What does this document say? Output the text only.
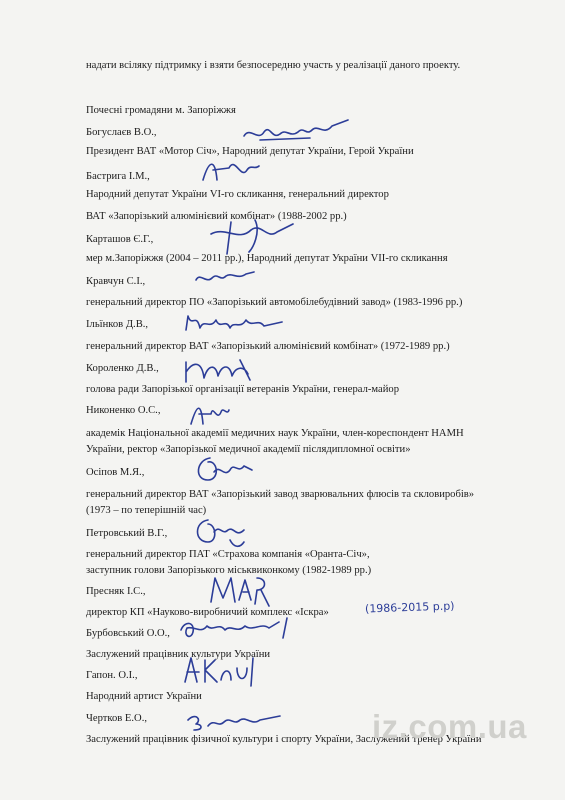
надати всіляку підтримку і взяти безпосередню участь у реалізації даного проекту.
Почесні громадяни м. Запоріжжя
Богуслаєв В.О.,
Президент ВАТ «Мотор Січ», Народний депутат України, Герой України
Бастрига І.М.,
Народний депутат України VI-го скликання, генеральний директор
ВАТ «Запорізький алюмінієвий комбінат» (1988-2002 рр.)
Карташов Є.Г.,
мер м.Запоріжжя (2004 – 2011 рр.), Народний депутат України VII-го скликання
Кравчун С.І.,
генеральний директор ПО «Запорізький автомобілебудівний завод» (1983-1996 рр.)
Ільїнков Д.В.,
генеральний директор ВАТ «Запорізький алюмінієвий комбінат» (1972-1989 рр.)
Короленко Д.В.,
голова ради Запорізької організації ветеранів України, генерал-майор
Никоненко О.С.,
академік Національної академії медичних наук України, член-кореспондент НАМН
України, ректор «Запорізької медичної академії післядипломної освіти»
Осіпов М.Я.,
генеральний директор ВАТ «Запорізький завод зварювальних флюсів та скловиробів»
(1973 – по теперішній час)
Петровський В.Г.,
генеральний директор ПАТ «Страхова компанія «Оранта-Січ»,
заступник голови Запорізького міськвиконкому (1982-1989 рр.)
Пресняк І.С.,
директор КП «Науково-виробничий комплекс «Іскра»	(1986-2015 р.р)
Бурбовський О.О.,
Заслужений працівник культури України
Гапон. О.І.,
Народний артист України
Чертков Е.О.,
Заслужений працівник фізичної культури і спорту України, Заслужений тренер України
iz.com.ua
